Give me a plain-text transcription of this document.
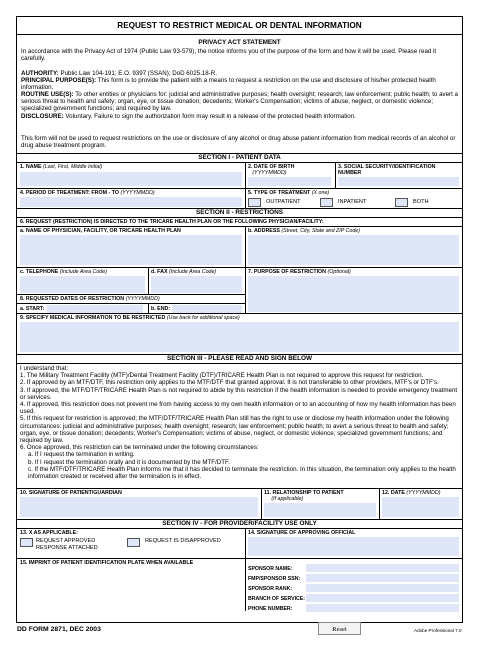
REQUEST TO RESTRICT MEDICAL OR DENTAL INFORMATION
PRIVACY ACT STATEMENT
In accordance with the Privacy Act of 1974 (Public Law 93-579), the notice informs you of the purpose of the form and how it will be used. Please read it carefully.
AUTHORITY: Public Law 104-191; E.O. 9397 (SSAN); DoD 6025.18-R.
PRINCIPAL PURPOSE(S): This form is to provide the patient with a means to request a restriction on the use and disclosure of his/her protected health information.
ROUTINE USE(S): To other entities or physicians for: judicial and administrative purposes; health oversight; research; law enforcement; public health; to avert a serious threat to health and safety; organ, eye, or tissue donation; decedents; Worker's Compensation; victims of abuse, neglect, or domestic violence; specialized government functions; and required by law.
DISCLOSURE: Voluntary. Failure to sign the authorization form may result in a release of the protected health information.
This form will not be used to request restrictions on the use or disclosure of any alcohol or drug abuse patient information from medical records of an alcohol or drug abuse treatment program.
SECTION I - PATIENT DATA
1. NAME (Last, First, Middle Initial)	2. DATE OF BIRTH
(YYYYMMDD)
3. SOCIAL SECURITY/IDENTIFICATION NUMBER
4. PERIOD OF TREATMENT: FROM - TO (YYYYMMDD)	5. TYPE OF TREATMENT (X one)
OUTPATIENT	INPATIENT	BOTH
SECTION II - RESTRICTIONS
6. REQUEST (RESTRICTION) IS DIRECTED TO THE TRICARE HEALTH PLAN OR THE FOLLOWING PHYSICIAN/FACILITY:
a. NAME OF PHYSICIAN, FACILITY, OR TRICARE HEALTH PLAN	b. ADDRESS (Street, City, State and ZIP Code)
c. TELEPHONE (Include Area Code)	d. FAX (Include Area Code)	7. PURPOSE OF RESTRICTION (Optional)
8. REQUESTED DATES OF RESTRICTION (YYYYMMDD)
a. START:	b. END:
9. SPECIFY MEDICAL INFORMATION TO BE RESTRICTED (Use back for additional space)
SECTION III - PLEASE READ AND SIGN BELOW
I understand that:
1. The Military Treatment Facility (MTF)/Dental Treatment Facility (DTF)/TRICARE Health Plan is not required to approve this request for restriction.
2. If approved by an MTF/DTF, this restriction only applies to the MTF/DTF that granted approval. It is not transferable to other providers, MTF's or DTF's.
3. If approved, the MTF/DTF/TRICARE Health Plan is not required to abide by this restriction if the health information is needed to provide emergency treatment or services.
4. If approved, this restriction does not prevent me from having access to my own health information or to an accounting of how my health information has been used.
5. If this request for restriction is approved; the MTF/DTF/TRICARE Health Plan still has the right to use or disclose my health information under the following circumstances: judicial and administrative purposes; health oversight; research; law enforcement; public health; to avert a serious threat to health and safety; organ, eye, or tissue donation; decedents; Worker's Compensation; victims of abuse, neglect, or domestic violence; specialized government functions; and required by law.
6. Once approved, this restriction can be terminated under the following circumstances:
a. If I request the termination in writing.
b. If I request the termination orally and it is documented by the MTF/DTF.
c. If the MTF/DTF/TRICARE Health Plan informs me that it has decided to terminate the restriction. In this situation, the termination only applies to the health information created or received after the termination is in effect.
10. SIGNATURE OF PATIENT/GUARDIAN	11. RELATIONSHIP TO PATIENT
(If applicable)
12. DATE (YYYYMMDD)
SECTION IV - FOR PROVIDER/FACILITY USE ONLY
13. X AS APPLICABLE:
REQUEST APPROVED
RESPONSE ATTACHED
REQUEST IS DISAPPROVED
14. SIGNATURE OF APPROVING OFFICIAL
15. IMPRINT OF PATIENT IDENTIFICATION PLATE WHEN AVAILABLE
SPONSOR NAME:
FMP/SPONSOR SSN:
SPONSOR RANK:
BRANCH OF SERVICE:
PHONE NUMBER:
DD FORM 2871, DEC 2003	Reset	Adobe Professional 7.0
